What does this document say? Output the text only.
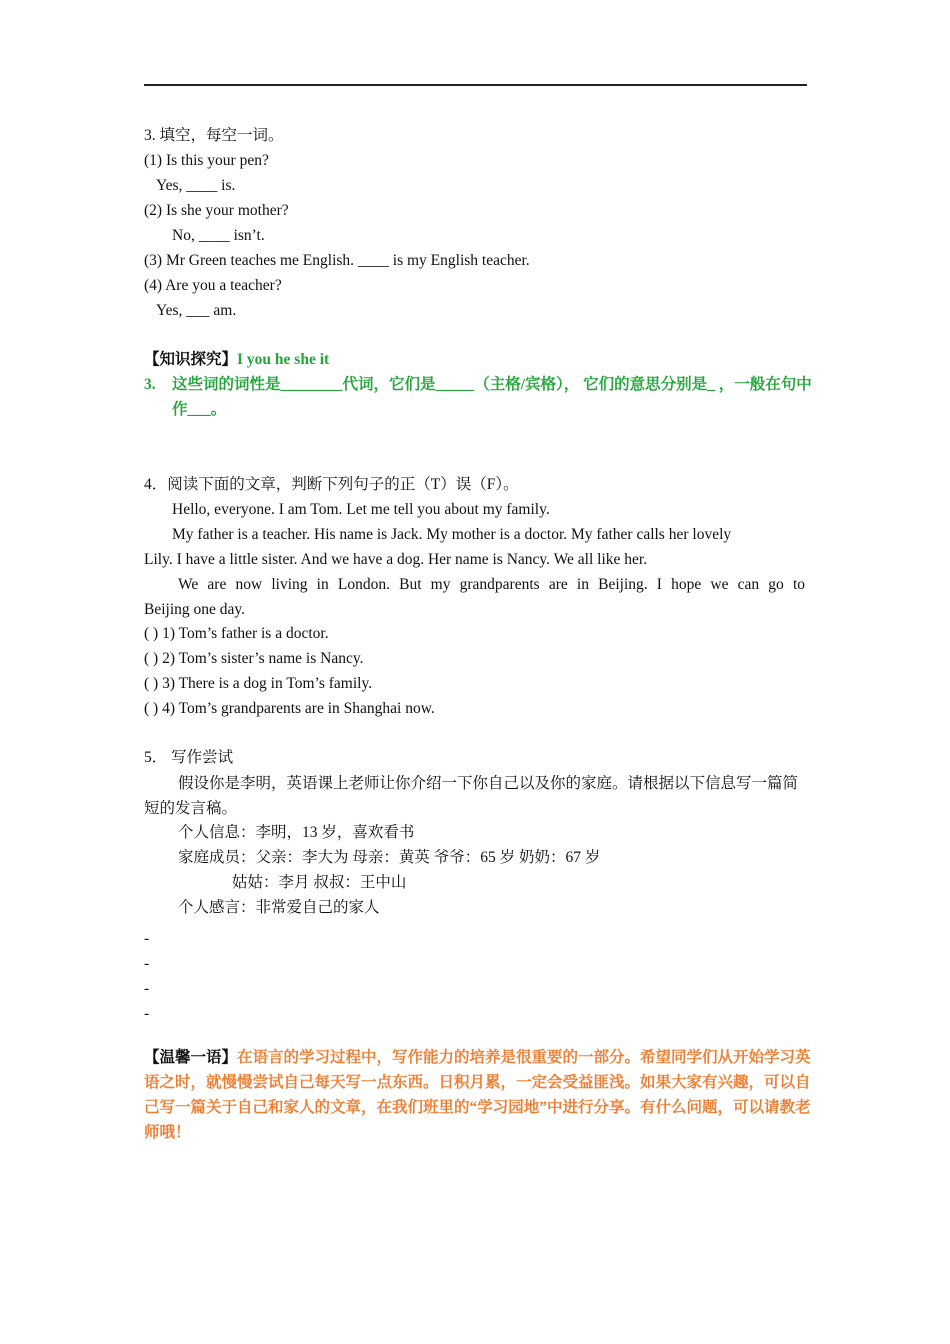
3. 填空，每空一词。
(1) Is this your pen?
Yes, ____ is.
(2) Is she your mother?
No, ____ isn’t.
(3) Mr Green teaches me English. ____ is my English teacher.
(4) Are you a teacher?
Yes, ___ am.
【知识探究】I you he she it
3. 这些词的词性是________代词，它们是_____（主格/宾格）， 它们的意思分别是_ ，一般在句中作___。
4．阅读下面的文章，判断下列句子的正（T）误（F）。
Hello, everyone. I am Tom. Let me tell you about my family.
My father is a teacher. His name is Jack. My mother is a doctor. My father calls her lovely
Lily. I have a little sister. And we have a dog. Her name is Nancy. We all like her.
We are now living in London. But my grandparents are in Beijing. I hope we can go to
Beijing one day.
( ) 1) Tom’s father is a doctor.
( ) 2) Tom’s sister’s name is Nancy.
( ) 3) There is a dog in Tom’s family.
( ) 4) Tom’s grandparents are in Shanghai now.
5． 写作尝试
假设你是李明，英语课上老师让你介绍一下你自己以及你的家庭。请根据以下信息写一篇简短的发言稿。
个人信息：李明，13 岁，喜欢看书
家庭成员：父亲：李大为 母亲：黄英 爷爷：65 岁 奶奶：67 岁
姑姑：李月 叔叔：王中山
个人感言：非常爱自己的家人
-
-
-
-
【温馨一语】在语言的学习过程中，写作能力的培养是很重要的一部分。希望同学们从开始学习英语之时，就慢慢尝试自己每天写一点东西。日积月累，一定会受益匪浅。如果大家有兴趣，可以自己写一篇关于自己和家人的文章，在我们班里的“学习园地”中进行分享。有什么问题，可以请教老师哦！
